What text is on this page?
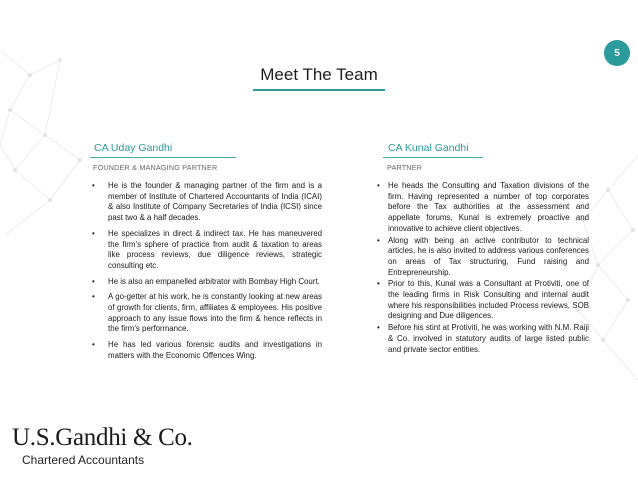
5
Meet The Team
CA Uday Gandhi
FOUNDER & MANAGING PARTNER
• He is the founder & managing partner of the firm and is a member of Institute of Chartered Accountants of India (ICAI) & also Institute of Company Secretaries of India (ICSI) since past two & a half decades.
• He specializes in direct & indirect tax. He has maneuvered the firm’s sphere of practice from audit & taxation to areas like process reviews, due diligence reviews, strategic consulting etc.
• He is also an empanelled arbitrator with Bombay High Court.
• A go-getter at his work, he is constantly looking at new areas of growth for clients, firm, affiliates & employees. His positive approach to any issue flows into the firm & hence reflects in the firm’s performance.
• He has led various forensic audits and investigations in matters with the Economic Offences Wing.
CA Kunal Gandhi
PARTNER
• He heads the Consulting and Taxation divisions of the firm. Having represented a number of top corporates before the Tax authorities at the assessment and appellate forums, Kunal is extremely proactive and innovative to achieve client objectives.
• Along with being an active contributor to technical articles, he is also invited to address various conferences on areas of Tax structuring, Fund raising and Entrepreneurship.
• Prior to this, Kunal was a Consultant at Protiviti, one of the leading firms in Risk Consulting and internal audit where his responsibilities included Process reviews, SOB designing and Due diligences.
• Before his stint at Protiviti, he was working with N.M. Raiji & Co. involved in statutory audits of large listed public and private sector entities.
U.S.Gandhi & Co.
Chartered Accountants
